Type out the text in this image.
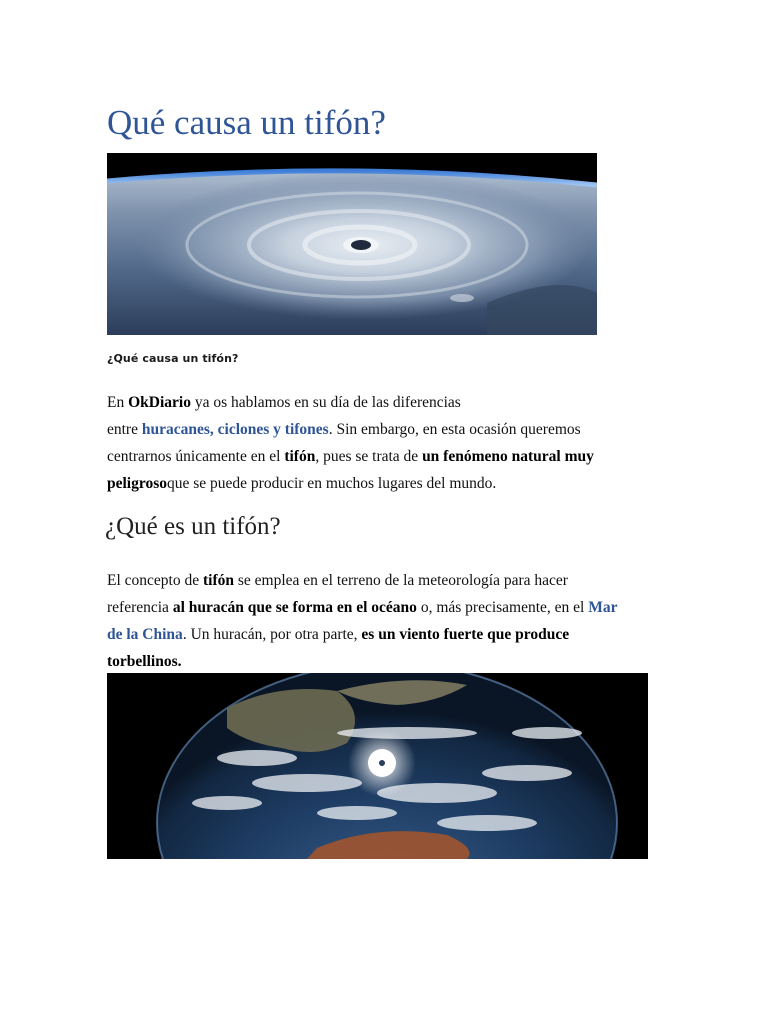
Qué causa un tifón?

¿Qué causa un tifón?

En OkDiario ya os hablamos en su día de las diferencias
entre huracanes, ciclones y tifones. Sin embargo, en esta ocasión queremos
centrarnos únicamente en el tifón, pues se trata de un fenómeno natural muy
peligrosoque se puede producir en muchos lugares del mundo.

¿Qué es un tifón?

El concepto de tifón se emplea en el terreno de la meteorología para hacer
referencia al huracán que se forma en el océano o, más precisamente, en el Mar
de la China. Un huracán, por otra parte, es un viento fuerte que produce
torbellinos.
